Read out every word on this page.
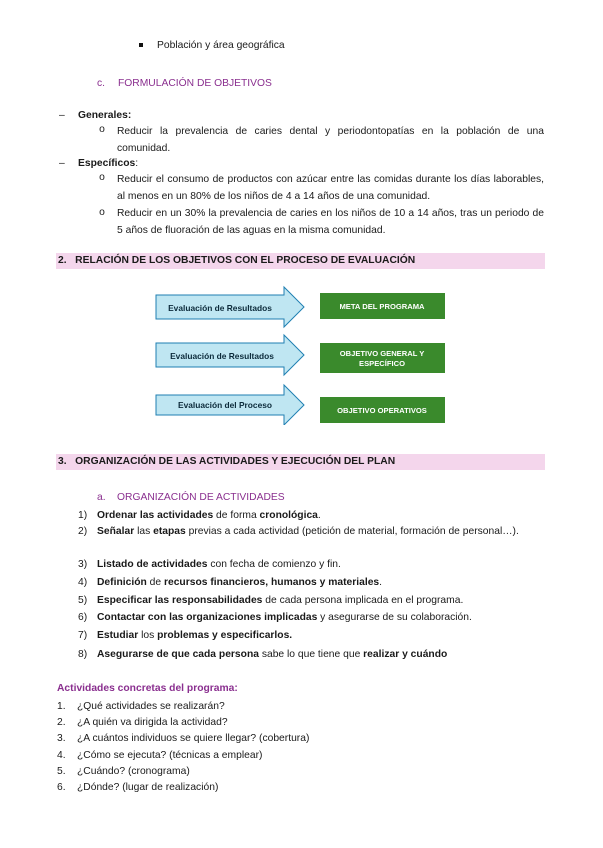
Población y área geográfica
c. FORMULACIÓN DE OBJETIVOS
– Generales:
o Reducir la prevalencia de caries dental y periodontopatías en la población de una comunidad.
– Específicos:
o Reducir el consumo de productos con azúcar entre las comidas durante los días laborables, al menos en un 80% de los niños de 4 a 14 años de una comunidad.
o Reducir en un 30% la prevalencia de caries en los niños de 10 a 14 años, tras un periodo de 5 años de fluoración de las aguas en la misma comunidad.
2.   RELACIÓN DE LOS OBJETIVOS CON EL PROCESO DE EVALUACIÓN
Evaluación de Resultados	META DEL PROGRAMA
Evaluación de Resultados	OBJETIVO GENERAL Y ESPECÍFICO
Evaluación del Proceso
OBJETIVO OPERATIVOS
3.   ORGANIZACIÓN DE LAS ACTIVIDADES Y EJECUCIÓN DEL PLAN
a. ORGANIZACIÓN DE ACTIVIDADES
1) Ordenar las actividades de forma cronológica.
2) Señalar las etapas previas a cada actividad (petición de material, formación de personal…).
3) Listado de actividades con fecha de comienzo y fin.
4) Definición de recursos financieros, humanos y materiales.
5) Especificar las responsabilidades de cada persona implicada en el programa.
6) Contactar con las organizaciones implicadas y asegurarse de su colaboración.
7) Estudiar los problemas y especificarlos.
8) Asegurarse de que cada persona sabe lo que tiene que realizar y cuándo
Actividades concretas del programa:
1. ¿Qué actividades se realizarán?
2. ¿A quién va dirigida la actividad?
3. ¿A cuántos individuos se quiere llegar? (cobertura)
4. ¿Cómo se ejecuta? (técnicas a emplear)
5. ¿Cuándo? (cronograma)
6. ¿Dónde? (lugar de realización)
